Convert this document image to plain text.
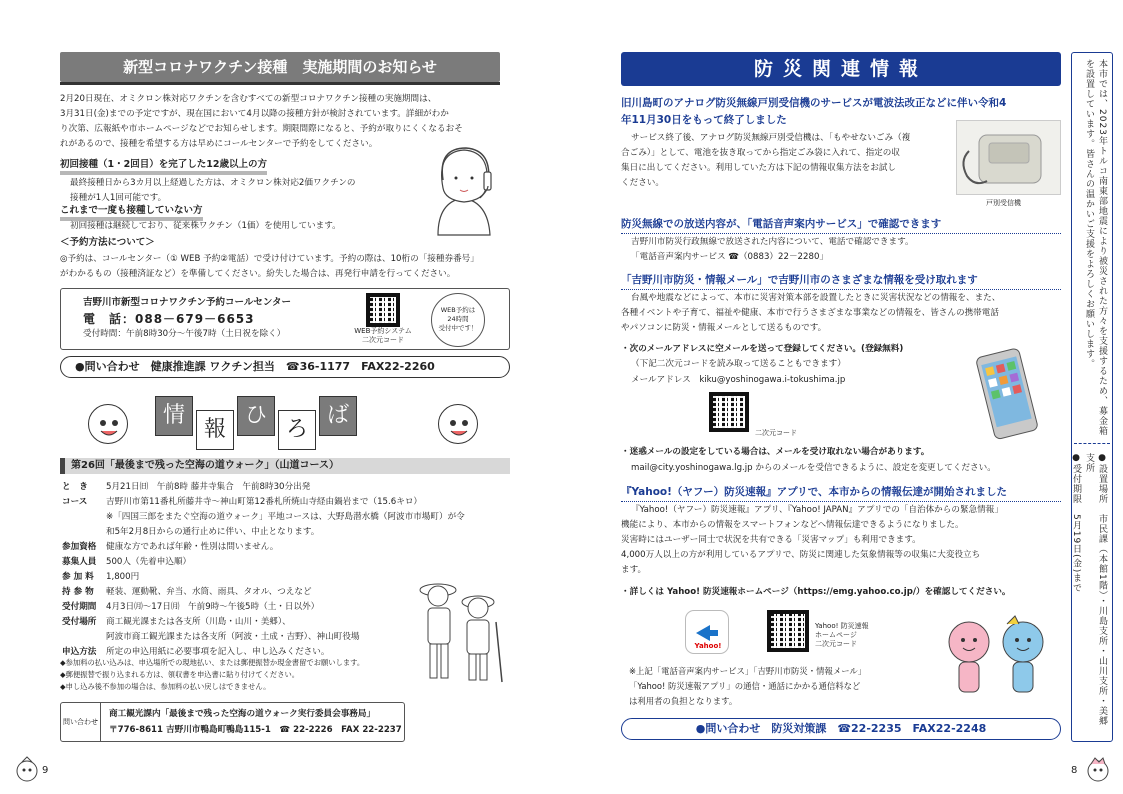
新型コロナワクチン接種　実施期間のお知らせ
2月20日現在、オミクロン株対応ワクチンを含むすべての新型コロナワクチン接種の実施期間は、
3月31日(金)までの予定ですが、現在国において4月以降の接種方針が検討されています。詳細がわか
り次第、広報紙や市ホームページなどでお知らせします。期限間際になると、予約が取りにくくなるおそ
れがあるので、接種を希望する方は早めにコールセンターで予約をしてください。
初回接種（1・2回目）を完了した12歳以上の方
最終接種日から3カ月以上経過した方は、オミクロン株対応2価ワクチンの
接種が1人1回可能です。
これまで一度も接種していない方
初回接種は継続しており、従来株ワクチン（1価）を使用しています。
＜予約方法について＞
◎予約は、コールセンター（① WEB 予約②電話）で受け付けています。予約の際は、10桁の「接種券番号」
がわかるもの（接種済証など）を準備してください。紛失した場合は、再発行申請を行ってください。
吉野川市新型コロナワクチン予約コールセンター
電　話：088－679－6653
受付時間：午前8時30分～午後7時（土日祝を除く）	WEB予約システム
二次元コード
WEB予約は
24時間
受付中です！
●問い合わせ　健康推進課 ワクチン担当　☎36-1177　FAX22-2260
情報ひろば
第26回「最後まで残った空海の道ウォーク」（山道コース）
と　き	5月21日㈰　午前8時 藤井寺集合　午前8時30分出発
コース	吉野川市第11番札所藤井寺～神山町第12番札所焼山寺経由鍋岩まで（15.6キロ）
※「四国三郎をまたぐ空海の道ウォーク」平地コースは、大野島潜水橋（阿波市市場町）が令
和5年2月8日からの通行止めに伴い、中止となります。
参加資格	健康な方であれば年齢・性別は問いません。
募集人員	500人（先着申込順）
参 加 料	1,800円
持 参 物	軽装、運動靴、弁当、水筒、雨具、タオル、つえなど
受付期間	4月3日㈪～17日㈪　午前9時～午後5時（土・日以外）
受付場所	商工観光課または各支所（川島・山川・美郷）、
阿波市商工観光課または各支所（阿波・土成・吉野）、神山町役場
申込方法	所定の申込用紙に必要事項を記入し、申し込みください。
◆参加料の払い込みは、申込場所での現地払い、または郵便振替か現金書留でお願いします。
◆郵便振替で振り込まれる方は、領収書を申込書に貼り付けてください。
◆申し込み後不参加の場合は、参加料の払い戻しはできません。
問い合わせ
商工観光課内「最後まで残った空海の道ウォーク実行委員会事務局」
〒776-8611 吉野川市鴨島町鴨島115-1　☎ 22-2226　FAX 22-2237
9
防災関連情報
旧川島町のアナログ防災無線戸別受信機のサービスが電波法改正などに伴い令和4
年11月30日をもって終了しました
サービス終了後、アナログ防災無線戸別受信機は、「もやせないごみ（複
合ごみ）」として、電池を抜き取ってから指定ごみ袋に入れて、指定の収
集日に出してください。利用していた方は下記の情報収集方法をお試し
ください。
戸別受信機
防災無線での放送内容が、「電話音声案内サービス」で確認できます
吉野川市防災行政無線で放送された内容について、電話で確認できます。
「電話音声案内サービス ☎（0883）22－2280」
「吉野川市防災・情報メール」で吉野川市のさまざまな情報を受け取れます
台風や地震などによって、本市に災害対策本部を設置したときに災害状況などの情報を、また、
各種イベントや子育て、福祉や健康、本市で行うさまざまな事業などの情報を、皆さんの携帯電話
やパソコンに防災・情報メールとして送るものです。
・次のメールアドレスに空メールを送って登録してください。(登録無料)
（下記二次元コードを読み取って送ることもできます）
メールアドレス　kiku@yoshinogawa.i-tokushima.jp
二次元コード
・迷惑メールの設定をしている場合は、メールを受け取れない場合があります。
mail@city.yoshinogawa.lg.jp からのメールを受信できるように、設定を変更してください。
『Yahoo!（ヤフー）防災速報』アプリで、本市からの情報伝達が開始されました
『Yahoo!（ヤフー）防災速報』アプリ、『Yahoo! JAPAN』アプリでの「自治体からの緊急情報」
機能により、本市からの情報をスマートフォンなどへ情報伝達できるようになりました。
災害時にはユーザー同士で状況を共有できる「災害マップ」も利用できます。
4,000万人以上の方が利用しているアプリで、防災に関連した気象情報等の収集に大変役立ち
ます。
・詳しくは Yahoo! 防災速報ホームページ（https://emg.yahoo.co.jp/）を確認してください。
Yahoo!
Yahoo! 防災速報
ホームページ
二次元コード
※上記「電話音声案内サービス」「吉野川市防災・情報メール」
「Yahoo! 防災速報アプリ」の通信・通話にかかる通信料など
は利用者の負担となります。
●問い合わせ　防災対策課　☎22-2235　FAX22-2248
本市では、2023年トルコ南東部地震により被災された方々を支援するため、募金箱を設置しています。皆さんの温かいご支援をよろしくお願いします。
●設置場所　市民課（本館1階）・川島支所・山川支所・美郷支所
●受付期限　5月19日(金)まで
8
